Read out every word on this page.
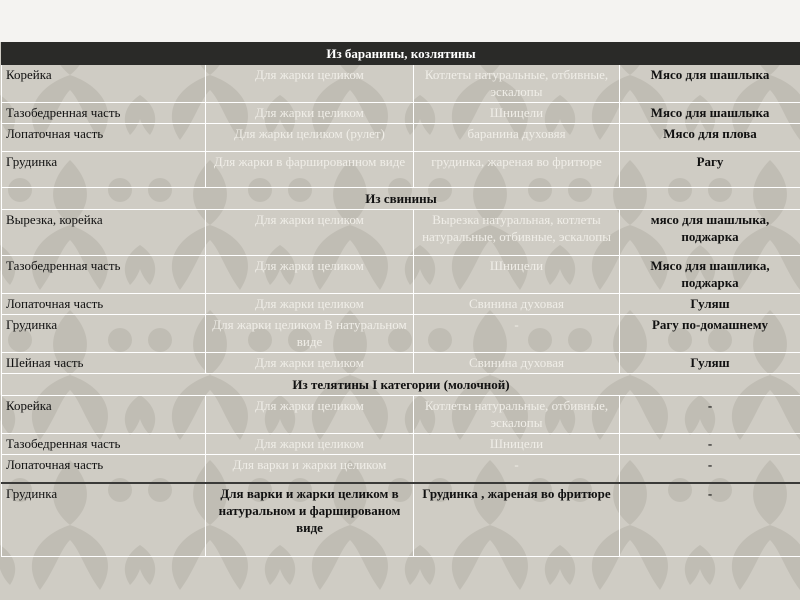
Из баранины, козлятины			
Корейка	Для жарки целиком	Котлеты натуральные, отбивные, эскалопы	Мясо для шашлыка
Тазобедренная часть	Для жарки целиком	Шницели	Мясо для шашлыка
Лопаточная часть	Для жарки целиком (рулет)	баранина духовяя	Мясо для плова
Грудинка	Для жарки в фаршированном виде	грудинка, жареная во фритюре	Рагу
Из свинины			
Вырезка, корейка	Для жарки целиком	Вырезка натуральная, котлеты натуральные, отбивные, эскалопы	мясо для шашлыка, поджарка
Тазобедренная часть	Для жарки целиком	Шницели	Мясо для шашлика, поджарка
Лопаточная часть	Для жарки целиком	Свинина духовая	Гуляш
Грудинка	Для жарки целиком В натуральном виде	-	Рагу по-домашнему
Шейная часть	Для жарки целиком	Свинина духовая	Гуляш
Из телятины I категории (молочной)			
Корейка	Для жарки целиком	Котлеты натуральные, отбивные, эскалопы	-
Тазобедренная часть	Для жарки целиком	Шницели	-
Лопаточная часть	Для варки и жарки целиком	-	-
Грудинка	Для варки и жарки целиком в натуральном и фаршированом виде	Грудинка , жареная во фритюре	-
